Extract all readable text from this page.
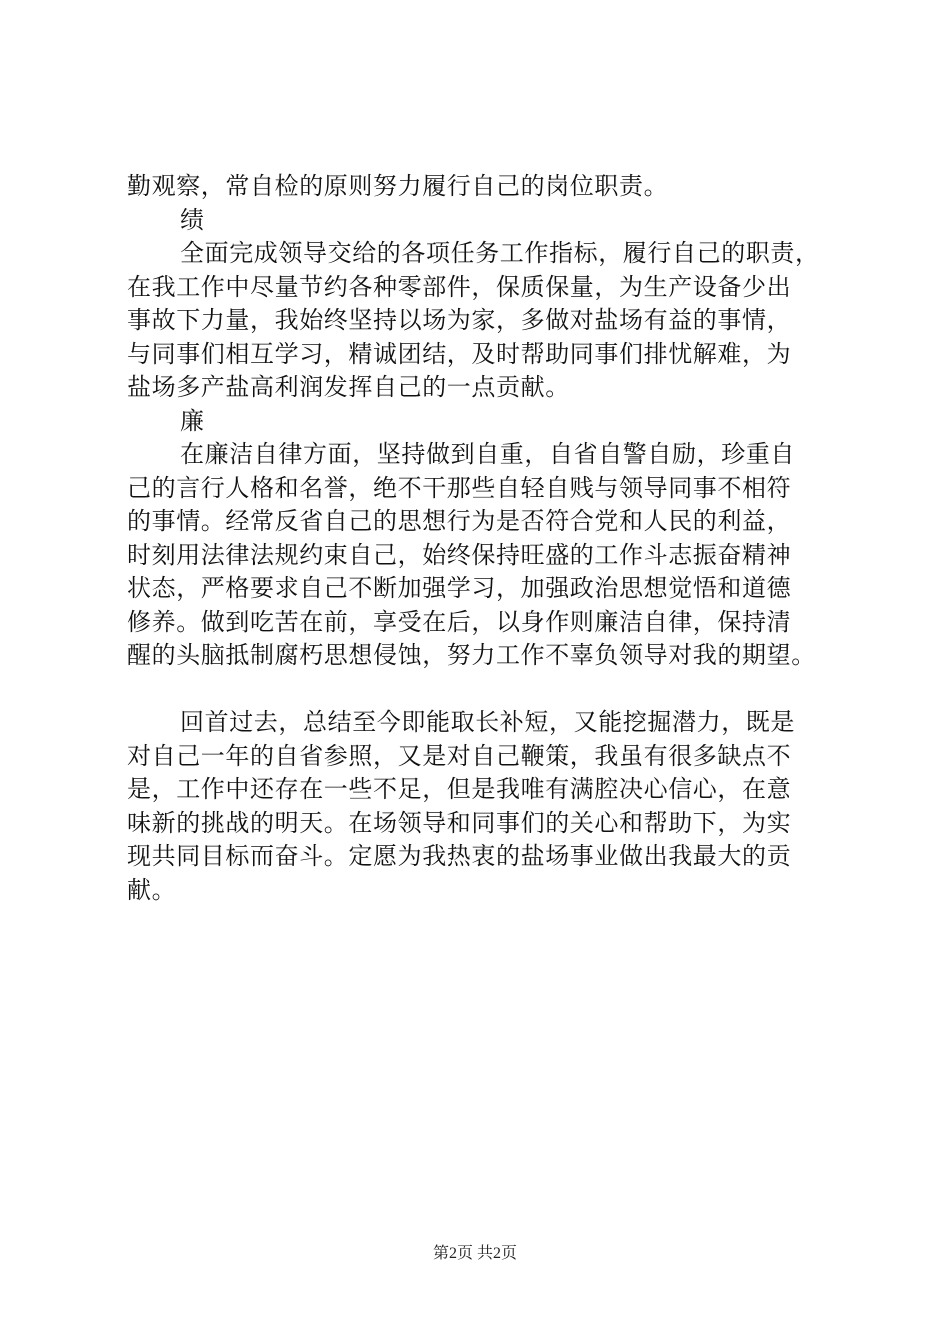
勤观察，常自检的原则努力履行自己的岗位职责。
绩
全面完成领导交给的各项任务工作指标，履行自己的职责，
在我工作中尽量节约各种零部件，保质保量，为生产设备少出
事故下力量，我始终坚持以场为家，多做对盐场有益的事情，
与同事们相互学习，精诚团结，及时帮助同事们排忧解难，为
盐场多产盐高利润发挥自己的一点贡献。
廉
在廉洁自律方面，坚持做到自重，自省自警自励，珍重自
己的言行人格和名誉，绝不干那些自轻自贱与领导同事不相符
的事情。经常反省自己的思想行为是否符合党和人民的利益，
时刻用法律法规约束自己，始终保持旺盛的工作斗志振奋精神
状态，严格要求自己不断加强学习，加强政治思想觉悟和道德
修养。做到吃苦在前，享受在后，以身作则廉洁自律，保持清
醒的头脑抵制腐朽思想侵蚀，努力工作不辜负领导对我的期望。
回首过去，总结至今即能取长补短，又能挖掘潜力，既是
对自己一年的自省参照，又是对自己鞭策，我虽有很多缺点不
是，工作中还存在一些不足，但是我唯有满腔决心信心，在意
味新的挑战的明天。在场领导和同事们的关心和帮助下，为实
现共同目标而奋斗。定愿为我热衷的盐场事业做出我最大的贡
献。
第2页 共2页
